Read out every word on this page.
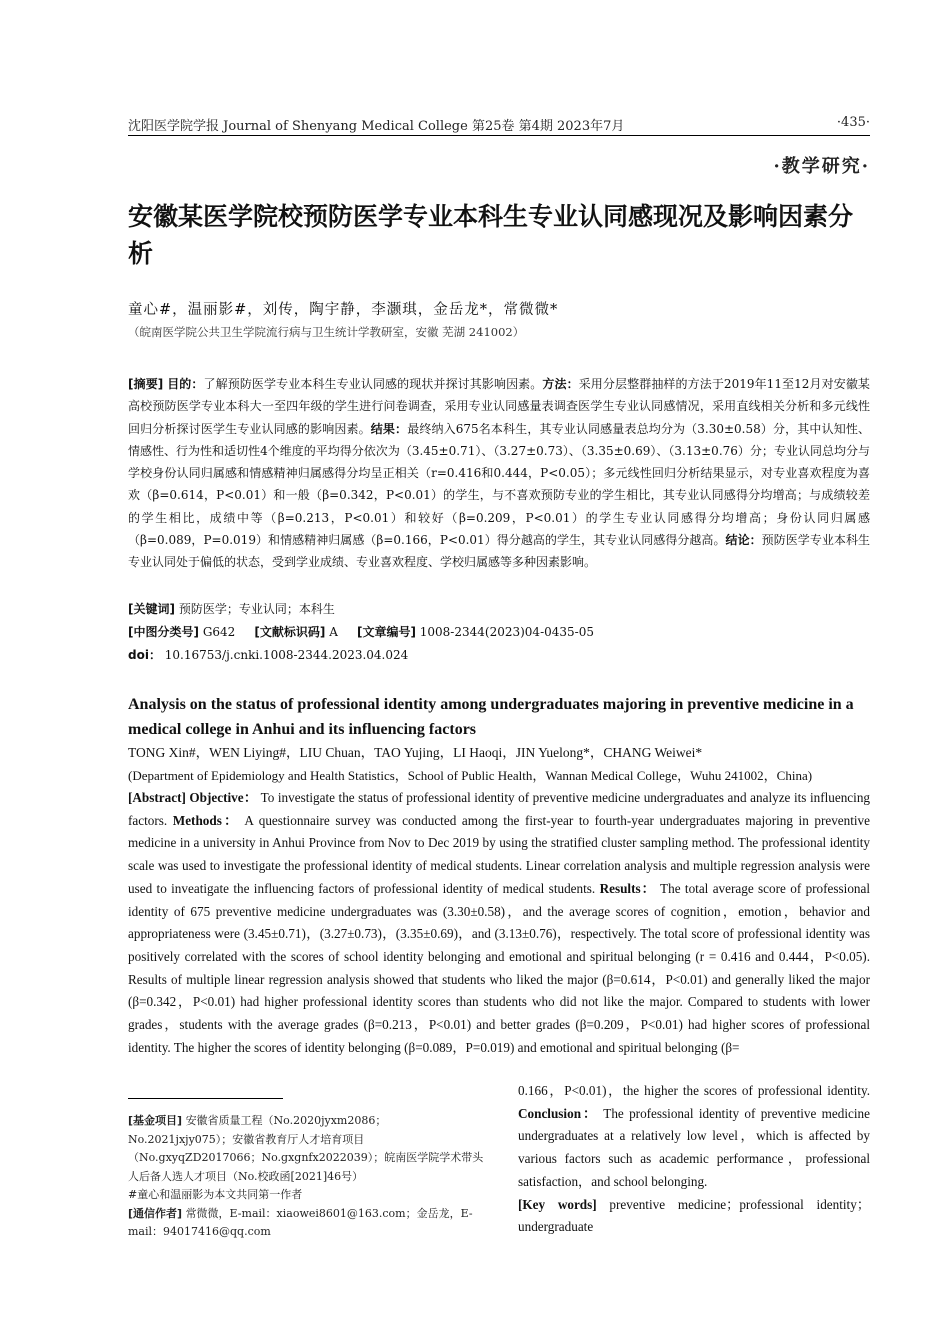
沈阳医学院学报 Journal of Shenyang Medical College 第25卷 第4期 2023年7月	·435·
·教学研究·
安徽某医学院校预防医学专业本科生专业认同感现况及影响因素分析
童心#，温丽影#，刘传，陶宇静，李灏琪，金岳龙*，常微微*
（皖南医学院公共卫生学院流行病与卫生统计学教研室，安徽 芜湖 241002）
[摘要] 目的：了解预防医学专业本科生专业认同感的现状并探讨其影响因素。方法：采用分层整群抽样的方法于2019年11至12月对安徽某高校预防医学专业本科大一至四年级的学生进行问卷调查，采用专业认同感量表调查医学生专业认同感情况，采用直线相关分析和多元线性回归分析探讨医学生专业认同感的影响因素。结果：最终纳入675名本科生，其专业认同感量表总均分为（3.30±0.58）分，其中认知性、情感性、行为性和适切性4个维度的平均得分依次为（3.45±0.71）、（3.27±0.73）、（3.35±0.69）、（3.13±0.76）分；专业认同总均分与学校身份认同归属感和情感精神归属感得分均呈正相关（r=0.416和0.444，P<0.05）；多元线性回归分析结果显示，对专业喜欢程度为喜欢（β=0.614，P<0.01）和一般（β=0.342，P<0.01）的学生，与不喜欢预防专业的学生相比，其专业认同感得分均增高；与成绩较差的学生相比，成绩中等（β=0.213，P<0.01）和较好（β=0.209，P<0.01）的学生专业认同感得分均增高；身份认同归属感（β=0.089，P=0.019）和情感精神归属感（β=0.166，P<0.01）得分越高的学生，其专业认同感得分越高。结论：预防医学专业本科生专业认同处于偏低的状态，受到学业成绩、专业喜欢程度、学校归属感等多种因素影响。
[关键词] 预防医学；专业认同；本科生
[中图分类号] G642 [文献标识码] A [文章编号] 1008-2344(2023)04-0435-05
doi： 10.16753/j.cnki.1008-2344.2023.04.024
Analysis on the status of professional identity among undergraduates majoring in preventive medicine in a medical college in Anhui and its influencing factors
TONG Xin#，WEN Liying#，LIU Chuan，TAO Yujing，LI Haoqi，JIN Yuelong*，CHANG Weiwei*
(Department of Epidemiology and Health Statistics，School of Public Health，Wannan Medical College，Wuhu 241002，China)
[Abstract] Objective： To investigate the status of professional identity of preventive medicine undergraduates and analyze its influencing factors. Methods： A questionnaire survey was conducted among the first-year to fourth-year undergraduates majoring in preventive medicine in a university in Anhui Province from Nov to Dec 2019 by using the stratified cluster sampling method. The professional identity scale was used to investigate the professional identity of medical students. Linear correlation analysis and multiple regression analysis were used to inveatigate the influencing factors of professional identity of medical students. Results： The total average score of professional identity of 675 preventive medicine undergraduates was (3.30±0.58)，and the average scores of cognition，emotion，behavior and appropriateness were (3.45±0.71)，(3.27±0.73)，(3.35±0.69)，and (3.13±0.76)，respectively. The total score of professional identity was positively correlated with the scores of school identity belonging and emotional and spiritual belonging (r = 0.416 and 0.444，P<0.05). Results of multiple linear regression analysis showed that students who liked the major (β=0.614，P<0.01) and generally liked the major (β=0.342，P<0.01) had higher professional identity scores than students who did not like the major. Compared to students with lower grades，students with the average grades (β=0.213，P<0.01) and better grades (β=0.209，P<0.01) had higher scores of professional identity. The higher the scores of identity belonging (β=0.089，P=0.019) and emotional and spiritual belonging (β=
0.166，P<0.01)，the higher the scores of professional identity. Conclusion： The professional identity of preventive medicine undergraduates at a relatively low level，which is affected by various factors such as academic performance，professional satisfaction，and school belonging.
[Key words] preventive medicine；professional identity；undergraduate
[基金项目] 安徽省质量工程（No.2020jyxm2086；No.2021jxjy075）；安徽省教育厅人才培育项目（No.gxyqZD2017066；No.gxgnfx2022039）；皖南医学院学术带头人后备人选人才项目（No.校政函[2021]46号）
#童心和温丽影为本文共同第一作者
[通信作者] 常微微，E-mail：xiaowei8601@163.com；金岳龙，E-mail：94017416@qq.com
